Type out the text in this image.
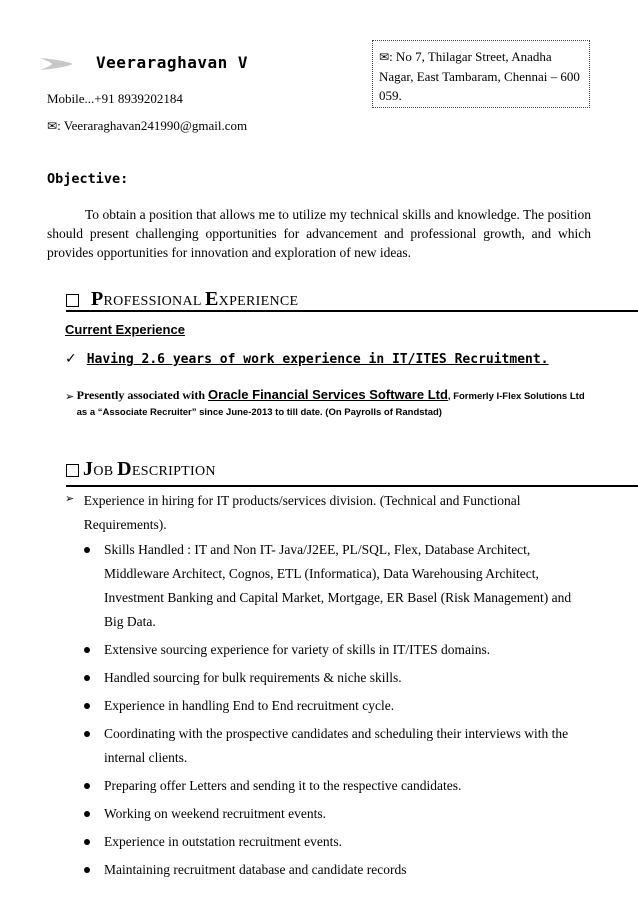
Veeraraghavan V
Mobile...+91 8939202184
✉: Veeraraghavan241990@gmail.com
✉: No 7, Thilagar Street, Anadha Nagar, East Tambaram, Chennai – 600 059.
Objective:
To obtain a position that allows me to utilize my technical skills and knowledge. The position should present challenging opportunities for advancement and professional growth, and which provides opportunities for innovation and exploration of new ideas.
PROFESSIONAL EXPERIENCE
Current Experience
✓ Having 2.6 years of work experience in IT/ITES Recruitment.
➢ Presently associated with Oracle Financial Services Software Ltd, Formerly I-Flex Solutions Ltd as a “Associate Recruiter” since June-2013 to till date. (On Payrolls of Randstad)
JOB DESCRIPTION
➢ Experience in hiring for IT products/services division. (Technical and Functional Requirements).
Skills Handled : IT and Non IT- Java/J2EE, PL/SQL, Flex, Database Architect, Middleware Architect, Cognos, ETL (Informatica), Data Warehousing Architect, Investment Banking and Capital Market, Mortgage, ER Basel (Risk Management) and Big Data.
Extensive sourcing experience for variety of skills in IT/ITES domains.
Handled sourcing for bulk requirements & niche skills.
Experience in handling End to End recruitment cycle.
Coordinating with the prospective candidates and scheduling their interviews with the internal clients.
Preparing offer Letters and sending it to the respective candidates.
Working on weekend recruitment events.
Experience in outstation recruitment events.
Maintaining recruitment database and candidate records
